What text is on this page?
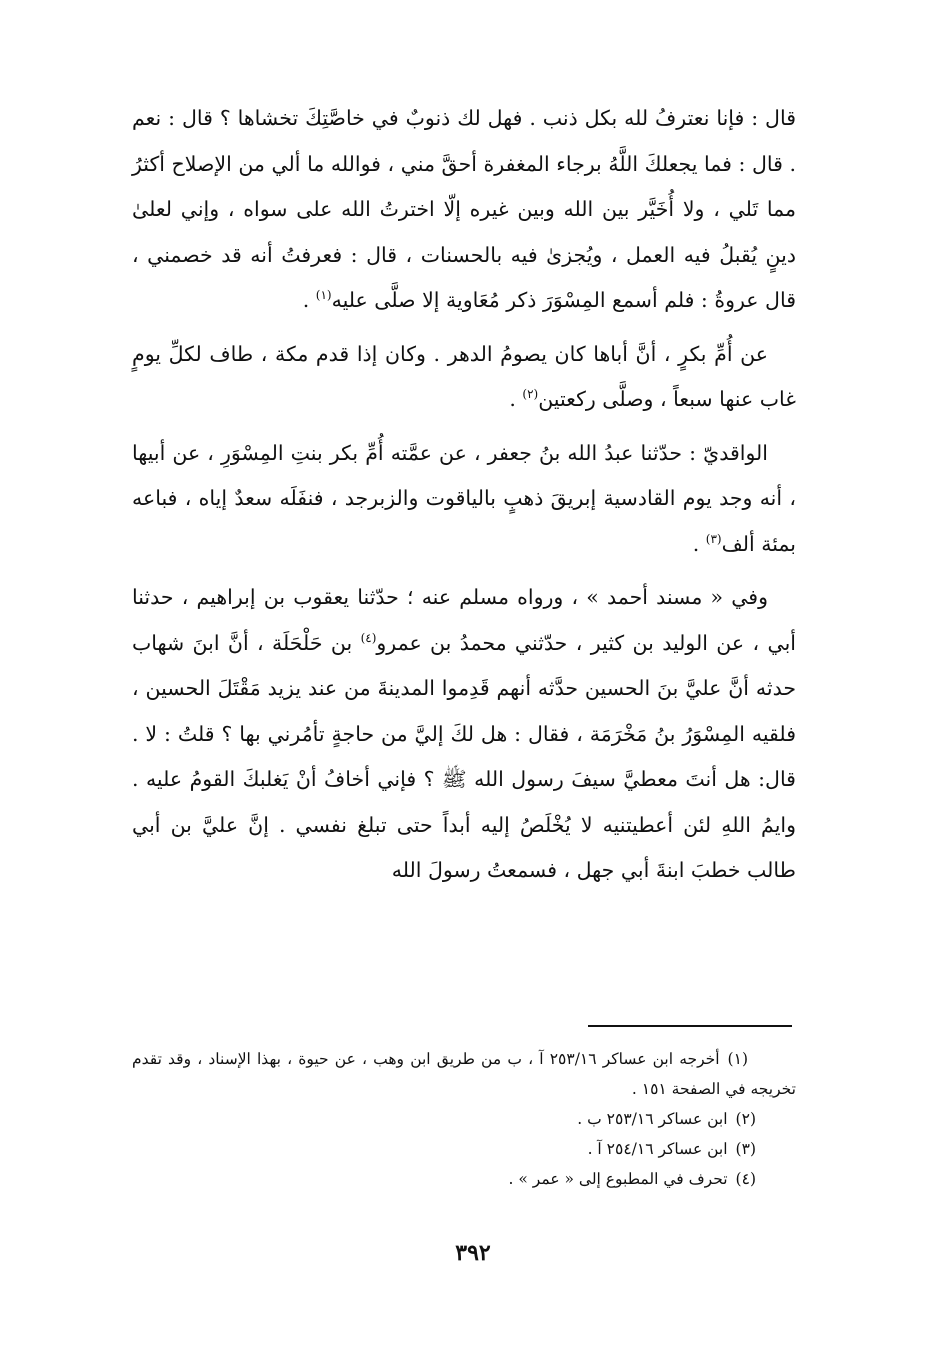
قال : فإنا نعترفُ لله بكل ذنب . فهل لك ذنوبٌ في خاصَّتِكَ تخشاها ؟ قال : نعم . قال : فما يجعلكَ اللَّهُ برجاء المغفرة أحقَّ مني ، فوالله ما ألي من الإصلاح أكثرُ مما تَلي ، ولا أُخَيَّر بين الله وبين غيره إلّا اخترتُ الله على سواه ، وإني لعلىٰ دينٍ يُقبلُ فيه العمل ، ويُجزىٰ فيه بالحسنات ، قال : فعرفتُ أنه قد خصمني ، قال عروةُ : فلم أسمع المِسْوَرَ ذكر مُعَاوية إلا صلَّى عليه$^{(١)}$ .

عن أُمِّ بكرٍ ، أنَّ أباها كان يصومُ الدهر . وكان إذا قدم مكة ، طاف لكلِّ يومٍ غاب عنها سبعاً ، وصلَّى ركعتين$^{(٢)}$ .

الواقديّ : حدّثنا عبدُ الله بنُ جعفر ، عن عمَّته أُمِّ بكر بنتِ المِسْوَرِ ، عن أبيها ، أنه وجد يوم القادسية إبريقَ ذهبٍ بالياقوت والزبرجد ، فنفَلَه سعدٌ إياه ، فباعه بمئة ألف$^{(٣)}$ .

وفي « مسند أحمد » ، ورواه مسلم عنه ؛ حدّثنا يعقوب بن إبراهيم ، حدثنا أبي ، عن الوليد بن كثير ، حدّثني محمدُ بن عمرو$^{(٤)}$ بن حَلْحَلَة ، أنَّ ابنَ شهاب حدثه أنَّ عليَّ بنَ الحسين حدَّثه أنهم قَدِموا المدينةَ من عند يزيد مَقْتَلَ الحسين ، فلقيه المِسْوَرُ بنُ مَخْرَمَة ، فقال : هل لكَ إليَّ من حاجةٍ تأمُرني بها ؟ قلتُ : لا . قال: هل أنتَ معطيَّ سيفَ رسول الله ﷺ ؟ فإني أخافُ أنْ يَغلبكَ القومُ عليه . وايمُ اللهِ لئن أعطيتنيه لا يُخْلَصُ إليه أبداً حتى تبلغ نفسي . إنَّ عليَّ بن أبي طالب خطبَ ابنةَ أبي جهل ، فسمعتُ رسولَ الله

(١)أخرجه ابن عساكر ٢٥٣/١٦ آ ، ب من طريق ابن وهب ، عن حيوة ، بهذا الإسناد ، وقد تقدم تخريجه في الصفحة ١٥١ .

(٢)ابن عساكر ٢٥٣/١٦ ب .

(٣)ابن عساكر ٢٥٤/١٦ آ .

(٤)تحرف في المطبوع إلى « عمر » .

٣٩٢
